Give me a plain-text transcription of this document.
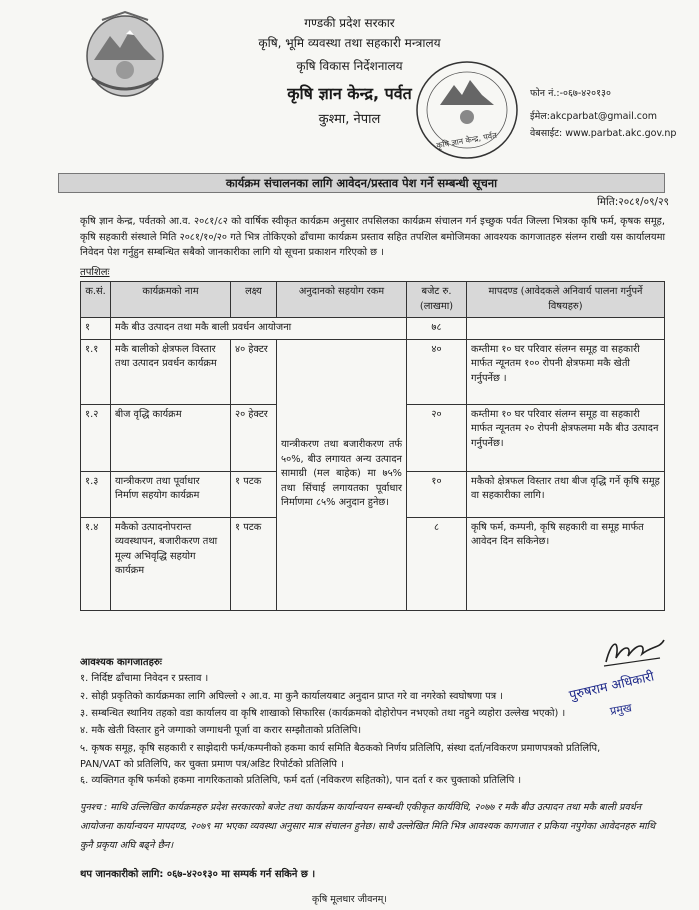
गण्डकी प्रदेश सरकार
कृषि, भूमि व्यवस्था तथा सहकारी मन्त्रालय
कृषि विकास निर्देशनालय
कृषि ज्ञान केन्द्र, पर्वत
कुश्मा, नेपाल
कृषि ज्ञान केन्द्र, पर्वत
फोन नं.:-०६७-४२०१३०
ईमेल:akcparbat@gmail.com
वेबसाईट: www.parbat.akc.gov.np
कार्यक्रम संचालनका लागि आवेदन/प्रस्ताव पेश गर्ने सम्बन्धी सूचना
मिति:२०८१/०९/२९
कृषि ज्ञान केन्द्र, पर्वतको आ.व. २०८१/८२ को वार्षिक स्वीकृत कार्यक्रम अनुसार तपसिलका कार्यक्रम संचालन गर्न इच्छुक पर्वत जिल्ला भित्रका कृषि फर्म, कृषक समूह, कृषि सहकारी संस्थाले मिति २०८१/१०/२० गते भित्र तोकिएको ढाँचामा कार्यक्रम प्रस्ताव सहित तपशिल बमोजिमका आवश्यक कागजातहरु संलग्न राखी यस कार्यालयमा निवेदन पेश गर्नुहुन सम्बन्धित सबैको जानकारीका लागि यो सूचना प्रकाशन गरिएको छ ।
तपशिलः
क.सं.	कार्यक्रमको नाम	लक्ष्य	अनुदानको सहयोग रकम	बजेट रु. (लाखमा)	मापदण्ड (आवेदकले अनिवार्य पालना गर्नुपर्ने विषयहरु)
१	मकै बीउ उत्पादन तथा मकै बाली प्रवर्धन आयोजना			७८	
१.१	मकै बालीको क्षेत्रफल विस्तार तथा उत्पादन प्रवर्धन कार्यक्रम	४० हेक्टर	यान्त्रीकरण तथा बजारीकरण तर्फ ५०%, बीउ लगायत अन्य उत्पादन सामाग्री (मल बाहेक) मा ७५% तथा सिंचाई लगायतका पूर्वाधार निर्माणमा ८५% अनुदान हुनेछ।	४०	कम्तीमा १० घर परिवार संलग्न समूह वा सहकारी मार्फत न्यूनतम १०० रोपनी क्षेत्रफमा मकै खेती गर्नुपर्नेछ ।
१.२	बीज वृद्धि कार्यक्रम	२० हेक्टर		२०	कम्तीमा १० घर परिवार संलग्न समूह वा सहकारी मार्फत न्यूनतम २० रोपनी क्षेत्रफलमा मकै बीउ उत्पादन गर्नुपर्नेछ।
१.३	यान्त्रीकरण तथा पूर्वाधार निर्माण सहयोग कार्यक्रम	१ पटक		१०	मकैको क्षेत्रफल विस्तार तथा बीज वृद्धि गर्ने कृषि समूह वा सहकारीका लागि।
१.४	मकैको उत्पादनोपरान्त व्यवस्थापन, बजारीकरण तथा मूल्य अभिवृद्धि सहयोग कार्यक्रम	१ पटक		८	कृषि फर्म, कम्पनी, कृषि सहकारी वा समूह मार्फत आवेदन दिन सकिनेछ।
पुरुषराम अधिकारी
प्रमुख
आवश्यक कागजातहरुः
१. निर्दिष्ट ढाँचामा निवेदन र प्रस्ताव ।
२. सोही प्रकृतिको कार्यक्रमका लागि अघिल्लो २ आ.व. मा कुनै कार्यालयबाट अनुदान प्राप्त गरे वा नगरेको स्वघोषणा पत्र ।
३. सम्बन्धित स्थानिय तहको वडा कार्यालय वा कृषि शाखाको सिफारिस (कार्यक्रमको दोहोरोपन नभएको तथा नहुने व्यहोरा उल्लेख भएको) ।
४. मकै खेती विस्तार हुने जग्गाको जग्गाधनी पूर्जा वा करार सम्झौताको प्रतिलिपि।
५. कृषक समूह, कृषि सहकारी र साझेदारी फर्म/कम्पनीको हकमा कार्य समिति बैठकको निर्णय प्रतिलिपि, संस्था दर्ता/नविकरण प्रमाणपत्रको प्रतिलिपि,
PAN/VAT को प्रतिलिपि, कर चुक्ता प्रमाण पत्र/अडिट रिपोर्टको प्रतिलिपि ।
६. व्यक्तिगत कृषि फर्मको हकमा नागरिकताको प्रतिलिपि, फर्म दर्ता (नविकरण सहितको), पान दर्ता र कर चुक्ताको प्रतिलिपि ।
पुनश्च : माथि उल्लिखित कार्यक्रमहरु प्रदेश सरकारको बजेट तथा कार्यक्रम कार्यान्वयन सम्बन्धी एकीकृत कार्यविधि, २०७७ र मकै बीउ उत्पादन तथा मकै बाली प्रवर्धन आयोजना कार्यान्वयन मापदण्ड, २०७९ मा भएका व्यवस्था अनुसार मात्र संचालन हुनेछ। साथै उल्लेखित मिति भित्र आवश्यक कागजात र प्रकिया नपुगेका आवेदनहरु माथि कुनै प्रकृया अघि बढ्ने छैन।
थप जानकारीको लागि: ०६७-४२०१३० मा सम्पर्क गर्न सकिने छ ।
कृषि मूलधार जीवनम्।
